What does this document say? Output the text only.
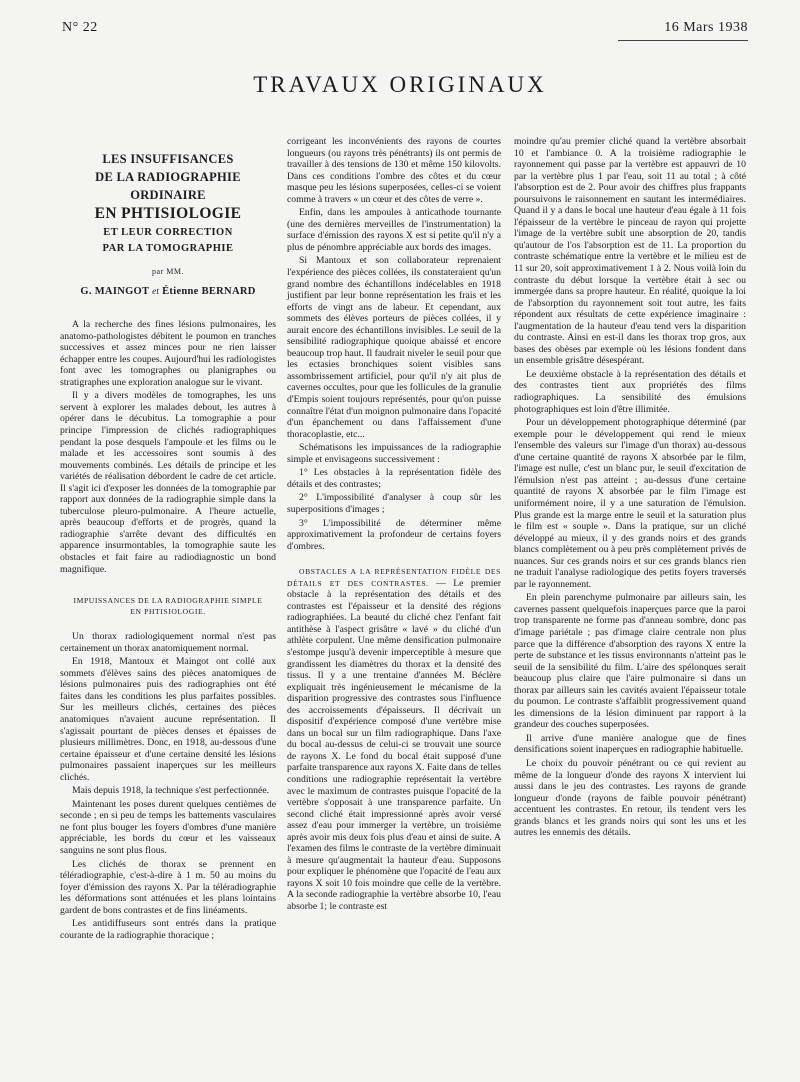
N° 22	16 Mars 1938
TRAVAUX ORIGINAUX
LES INSUFFISANCES
DE LA RADIOGRAPHIE ORDINAIRE
EN PHTISIOLOGIE
ET LEUR CORRECTION
PAR LA TOMOGRAPHIE
par MM.
G. MAINGOT et Étienne BERNARD

A la recherche des fines lésions pulmonaires, les anatomo-pathologistes débitent le poumon en tranches successives et assez minces pour ne rien laisser échapper entre les coupes. Aujourd'hui les radiologistes font avec les tomographes ou planigraphes ou stratigraphes une exploration analogue sur le vivant.

Il y a divers modèles de tomographes, les uns servent à explorer les malades debout, les autres à opérer dans le décubitus. La tomographie a pour principe l'impression de clichés radiographiques pendant la pose desquels l'ampoule et les films ou le malade et les accessoires sont soumis à des mouvements combinés. Les détails de principe et les variétés de réalisation débordent le cadre de cet article. Il s'agit ici d'exposer les données de la tomographie par rapport aux données de la radiographie simple dans la tuberculose pleuro-pulmonaire. A l'heure actuelle, après beaucoup d'efforts et de progrès, quand la radiographie s'arrête devant des difficultés en apparence insurmontables, la tomographie saute les obstacles et fait faire au radiodiagnostic un bond magnifique.

IMPUISSANCES DE LA RADIOGRAPHIE SIMPLE
EN PHTISIOLOGIE.

Un thorax radiologiquement normal n'est pas certainement un thorax anatomiquement normal.

En 1918, Mantoux et Maingot ont collé aux sommets d'élèves sains des pièces anatomiques de lésions pulmonaires puis des radiographies ont été faites dans les conditions les plus parfaites possibles. Sur les meilleurs clichés, certaines des pièces anatomiques n'avaient aucune représentation. Il s'agissait pourtant de pièces denses et épaisses de plusieurs millimètres. Donc, en 1918, au-dessous d'une certaine épaisseur et d'une certaine densité les lésions pulmonaires passaient inaperçues sur les meilleurs clichés.

Mais depuis 1918, la technique s'est perfectionnée.

Maintenant les poses durent quelques centièmes de seconde ; en si peu de temps les battements vasculaires ne font plus bouger les foyers d'ombres d'une manière appréciable, les bords du cœur et les vaisseaux sanguins ne sont plus flous.

Les clichés de thorax se prennent en téléradiographie, c'est-à-dire à 1 m. 50 au moins du foyer d'émission des rayons X. Par la téléradiographie les déformations sont atténuées et les plans lointains gardent de bons contrastes et de fins linéaments.

Les antidiffuseurs sont entrés dans la pratique courante de la radiographie thoracique ;

corrigeant les inconvénients des rayons de courtes longueurs (ou rayons très pénétrants) ils ont permis de travailler à des tensions de 130 et même 150 kilovolts. Dans ces conditions l'ombre des côtes et du cœur masque peu les lésions superposées, celles-ci se voient comme à travers « un cœur et des côtes de verre ».

Enfin, dans les ampoules à anticathode tournante (une des dernières merveilles de l'instrumentation) la surface d'émission des rayons X est si petite qu'il n'y a plus de pénombre appréciable aux bords des images.

Si Mantoux et son collaborateur reprenaient l'expérience des pièces collées, ils constateraient qu'un grand nombre des échantillons indécelables en 1918 justifient par leur bonne représentation les frais et les efforts de vingt ans de labeur. Et cependant, aux sommets des élèves porteurs de pièces collées, il y aurait encore des échantillons invisibles. Le seuil de la sensibilité radiographique quoique abaissé et encore beaucoup trop haut. Il faudrait niveler le seuil pour que les ectasies bronchiques soient visibles sans assombrissement artificiel, pour qu'il n'y ait plus de cavernes occultes, pour que les follicules de la granulie d'Empis soient toujours représentés, pour qu'on puisse connaître l'état d'un moignon pulmonaire dans l'opacité d'un épanchement ou dans l'affaissement d'une thoracoplastie, etc...

Schématisons les impuissances de la radiographie simple et envisageons successivement :

1° Les obstacles à la représentation fidèle des détails et des contrastes;

2° L'impossibilité d'analyser à coup sûr les superpositions d'images ;

3° L'impossibilité de déterminer même approximativement la profondeur de certains foyers d'ombres.

OBSTACLES A LA REPRÉSENTATION FIDÈLE DES DÉTAILS ET DES CONTRASTES. — Le premier obstacle à la représentation des détails et des contrastes est l'épaisseur et la densité des régions radiographiées. La beauté du cliché chez l'enfant fait antithèse à l'aspect grisâtre « lavé » du cliché d'un athlète corpulent. Une même densification pulmonaire s'estompe jusqu'à devenir imperceptible à mesure que grandissent les diamètres du thorax et la densité des tissus. Il y a une trentaine d'années M. Béclère expliquait très ingénieusement le mécanisme de la disparition progressive des contrastes sous l'influence des accroissements d'épaisseurs. Il décrivait un dispositif d'expérience composé d'une vertèbre mise dans un bocal sur un film radiographique. Dans l'axe du bocal au-dessus de celui-ci se trouvait une source de rayons X. Le fond du bocal était supposé d'une parfaite transparence aux rayons X. Faite dans de telles conditions une radiographie représentait la vertèbre avec le maximum de contrastes puisque l'opacité de la vertèbre s'opposait à une transparence parfaite. Un second cliché était impressionné après avoir versé assez d'eau pour immerger la vertèbre, un troisième après avoir mis deux fois plus d'eau et ainsi de suite. A l'examen des films le contraste de la vertèbre diminuait à mesure qu'augmentait la hauteur d'eau. Supposons pour expliquer le phénomène que l'opacité de l'eau aux rayons X soit 10 fois moindre que celle de la vertèbre. A la seconde radiographie la vertèbre absorbe 10, l'eau absorbe 1; le contraste est

moindre qu'au premier cliché quand la vertèbre absorbait 10 et l'ambiance 0. A la troisième radiographie le rayonnement qui passe par la vertèbre est appauvri de 10 par la vertèbre plus 1 par l'eau, soit 11 au total ; à côté l'absorption est de 2. Pour avoir des chiffres plus frappants poursuivons le raisonnement en sautant les intermédiaires. Quand il y a dans le bocal une hauteur d'eau égale à 11 fois l'épaisseur de la vertèbre le pinceau de rayon qui projette l'image de la vertèbre subit une absorption de 20, tandis qu'autour de l'os l'absorption est de 11. La proportion du contraste schématique entre la vertèbre et le milieu est de 11 sur 20, soit approximativement 1 à 2. Nous voilà loin du contraste du début lorsque la vertèbre était à sec ou immergée dans sa propre hauteur. En réalité, quoique la loi de l'absorption du rayonnement soit tout autre, les faits répondent aux résultats de cette expérience imaginaire : l'augmentation de la hauteur d'eau tend vers la disparition du contraste. Ainsi en est-il dans les thorax trop gros, aux bases des obèses par exemple où les lésions fondent dans un ensemble grisâtre désespérant.

Le deuxième obstacle à la représentation des détails et des contrastes tient aux propriétés des films radiographiques. La sensibilité des émulsions photographiques est loin d'être illimitée.

Pour un développement photographique déterminé (par exemple pour le développement qui rend le mieux l'ensemble des valeurs sur l'image d'un thorax) au-dessous d'une certaine quantité de rayons X absorbée par le film, l'image est nulle, c'est un blanc pur, le seuil d'excitation de l'émulsion n'est pas atteint ; au-dessus d'une certaine quantité de rayons X absorbée par le film l'image est uniformément noire, il y a une saturation de l'émulsion. Plus grande est la marge entre le seuil et la saturation plus le film est « souple ». Dans la pratique, sur un cliché développé au mieux, il y des grands noirs et des grands blancs complètement ou à peu près complètement privés de nuances. Sur ces grands noirs et sur ces grands blancs rien ne traduit l'analyse radiologique des petits foyers traversés par le rayonnement.

En plein parenchyme pulmonaire par ailleurs sain, les cavernes passent quelquefois inaperçues parce que la paroi trop transparente ne forme pas d'anneau sombre, donc pas d'image pariétale ; pas d'image claire centrale non plus parce que la différence d'absorption des rayons X entre la perte de substance et les tissus environnants n'atteint pas le seuil de la sensibilité du film. L'aire des spélonques serait beaucoup plus claire que l'aire pulmonaire si dans un thorax par ailleurs sain les cavités avaient l'épaisseur totale du poumon. Le contraste s'affaiblit progressivement quand les dimensions de la lésion diminuent par rapport à la grandeur des couches superposées.

Il arrive d'une manière analogue que de fines densifications soient inaperçues en radiographie habituelle.

Le choix du pouvoir pénétrant ou ce qui revient au même de la longueur d'onde des rayons X intervient lui aussi dans le jeu des contrastes. Les rayons de grande longueur d'onde (rayons de faible pouvoir pénétrant) accentuent les contrastes. En retour, ils tendent vers les grands blancs et les grands noirs qui sont les uns et les autres les ennemis des détails.
